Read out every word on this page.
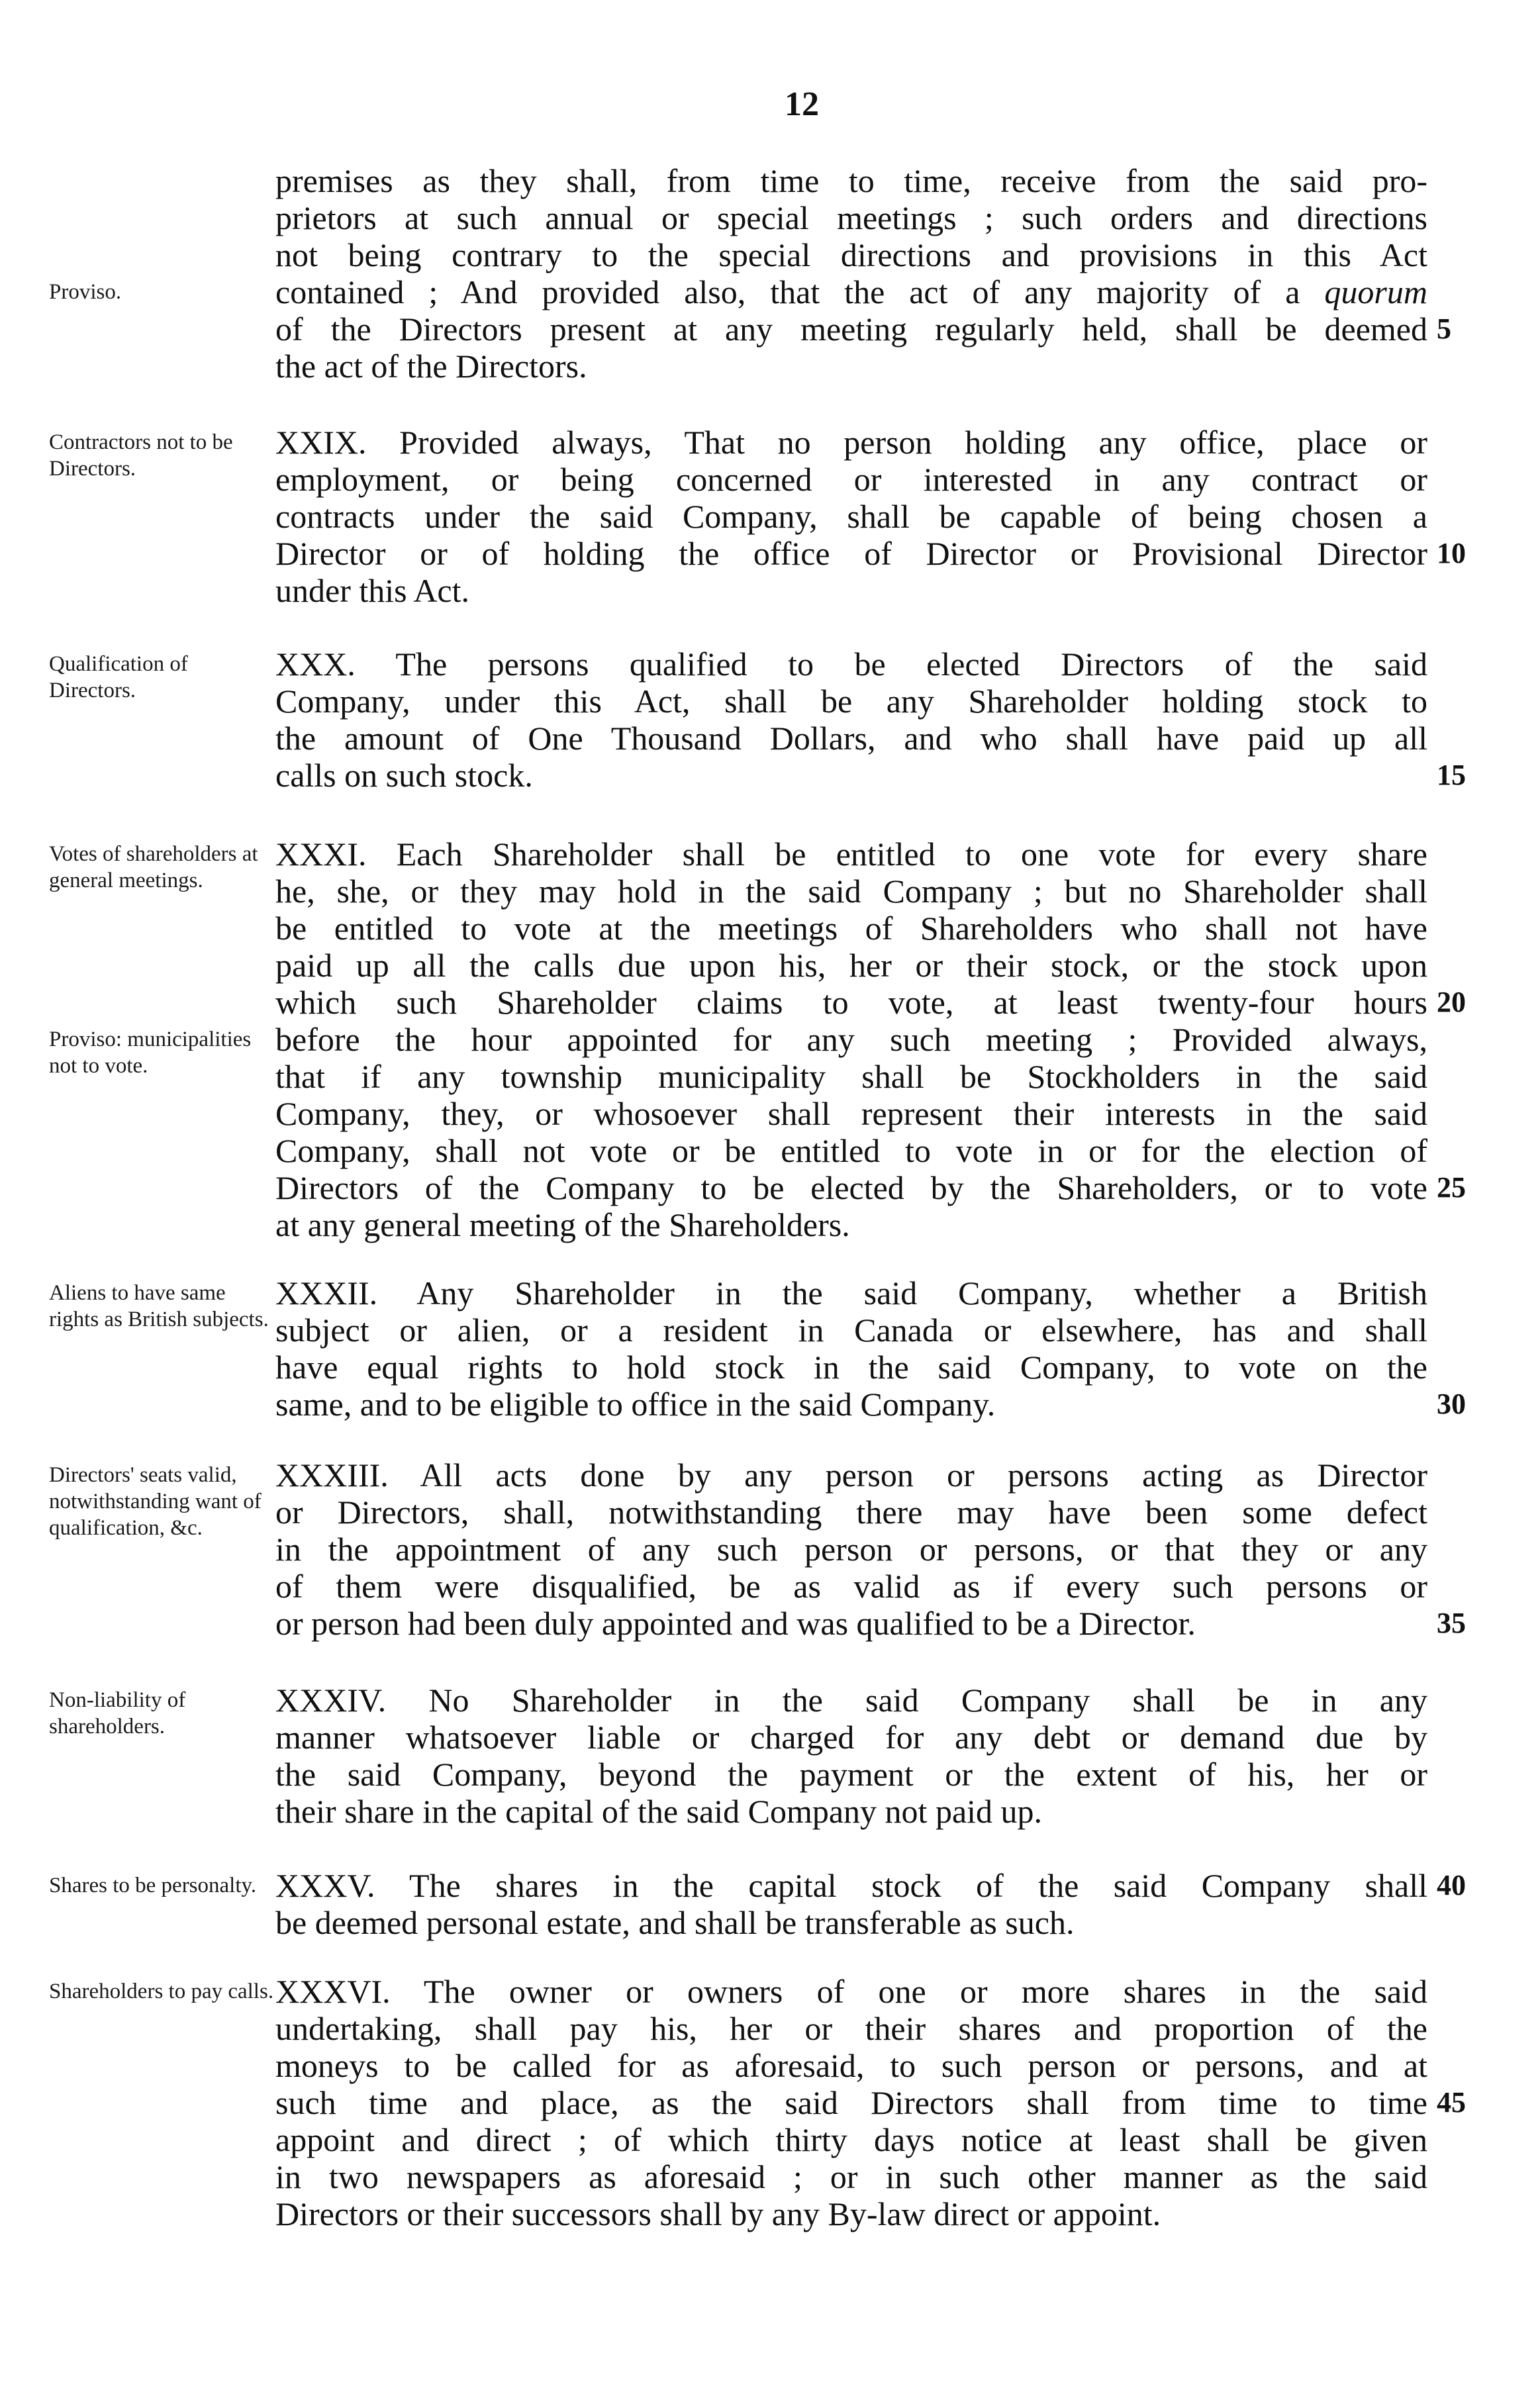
12
Proviso.
premises as they shall, from time to time, receive from the said pro-
prietors at such annual or special meetings ; such orders and directions
not being contrary to the special directions and provisions in this Act
contained ; And provided also, that the act of any majority of a quorum
of the Directors present at any meeting regularly held, shall be deemed
the act of the Directors.
5
Contractors not to be Directors.
XXIX. Provided always, That no person holding any office, place or
employment, or being concerned or interested in any contract or
contracts under the said Company, shall be capable of being chosen a
Director or of holding the office of Director or Provisional Director
under this Act.
10
Qualification of Directors.
XXX. The persons qualified to be elected Directors of the said
Company, under this Act, shall be any Shareholder holding stock to
the amount of One Thousand Dollars, and who shall have paid up all
calls on such stock.	15
Votes of shareholders at general meetings.
Proviso: municipalities not to vote.
XXXI. Each Shareholder shall be entitled to one vote for every share
he, she, or they may hold in the said Company ; but no Shareholder shall
be entitled to vote at the meetings of Shareholders who shall not have
paid up all the calls due upon his, her or their stock, or the stock upon
which such Shareholder claims to vote, at least twenty-four hours
before the hour appointed for any such meeting ; Provided always,
that if any township municipality shall be Stockholders in the said
Company, they, or whosoever shall represent their interests in the said
Company, shall not vote or be entitled to vote in or for the election of
Directors of the Company to be elected by the Shareholders, or to vote
at any general meeting of the Shareholders.
20
25
Aliens to have same rights as British subjects.
XXXII. Any Shareholder in the said Company, whether a British
subject or alien, or a resident in Canada or elsewhere, has and shall
have equal rights to hold stock in the said Company, to vote on the
same, and to be eligible to office in the said Company.	30
Directors' seats valid, notwithstanding want of qualification, &c.
XXXIII. All acts done by any person or persons acting as Director
or Directors, shall, notwithstanding there may have been some defect
in the appointment of any such person or persons, or that they or any
of them were disqualified, be as valid as if every such persons or
or person had been duly appointed and was qualified to be a Director.	35
Non-liability of shareholders.
XXXIV. No Shareholder in the said Company shall be in any
manner whatsoever liable or charged for any debt or demand due by
the said Company, beyond the payment or the extent of his, her or
their share in the capital of the said Company not paid up.
Shares to be personalty. XXXV. The shares in the capital stock of the said Company shall
be deemed personal estate, and shall be transferable as such.
40
Shareholders to pay calls. XXXVI. The owner or owners of one or more shares in the said
undertaking, shall pay his, her or their shares and proportion of the
moneys to be called for as aforesaid, to such person or persons, and at
such time and place, as the said Directors shall from time to time
appoint and direct ; of which thirty days notice at least shall be given
in two newspapers as aforesaid ; or in such other manner as the said
Directors or their successors shall by any By-law direct or appoint.
45
